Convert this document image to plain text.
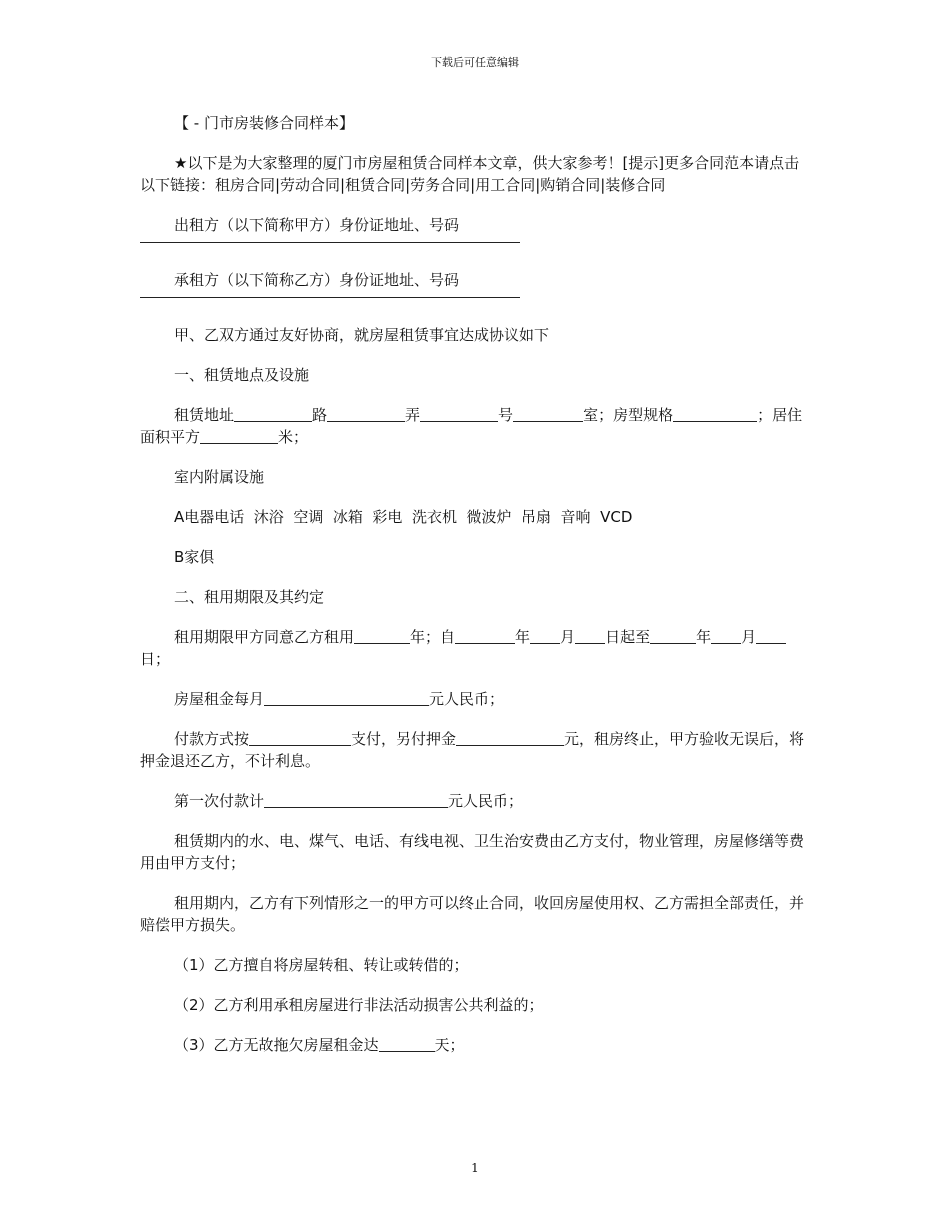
下载后可任意编辑

【 - 门市房装修合同样本】

★以下是为大家整理的厦门市房屋租赁合同样本文章，供大家参考！[提示]更多合同范本请点击以下链接：租房合同|劳动合同|租赁合同|劳务合同|用工合同|购销合同|装修合同

出租方（以下简称甲方）身份证地址、号码

承租方（以下简称乙方）身份证地址、号码

甲、乙双方通过友好协商，就房屋租赁事宜达成协议如下

一、租赁地点及设施

租赁地址	路	弄	号	室；房型规格	；居住面积平方	米；

室内附属设施

A电器电话  沐浴  空调  冰箱  彩电  洗衣机  微波炉  吊扇  音响  VCD

B家俱

二、租用期限及其约定

租用期限甲方同意乙方租用	年；自	年 月 日起至	年 月日；

房屋租金每月	元人民币；

付款方式按	支付，另付押金	元，租房终止，甲方验收无误后，将押金退还乙方，不计利息。

第一次付款计	元人民币；

租赁期内的水、电、煤气、电话、有线电视、卫生治安费由乙方支付，物业管理，房屋修缮等费用由甲方支付；

租用期内，乙方有下列情形之一的甲方可以终止合同，收回房屋使用权、乙方需担全部责任，并赔偿甲方损失。

（1）乙方擅自将房屋转租、转让或转借的；

（2）乙方利用承租房屋进行非法活动损害公共利益的；

（3）乙方无故拖欠房屋租金达	天；

1
